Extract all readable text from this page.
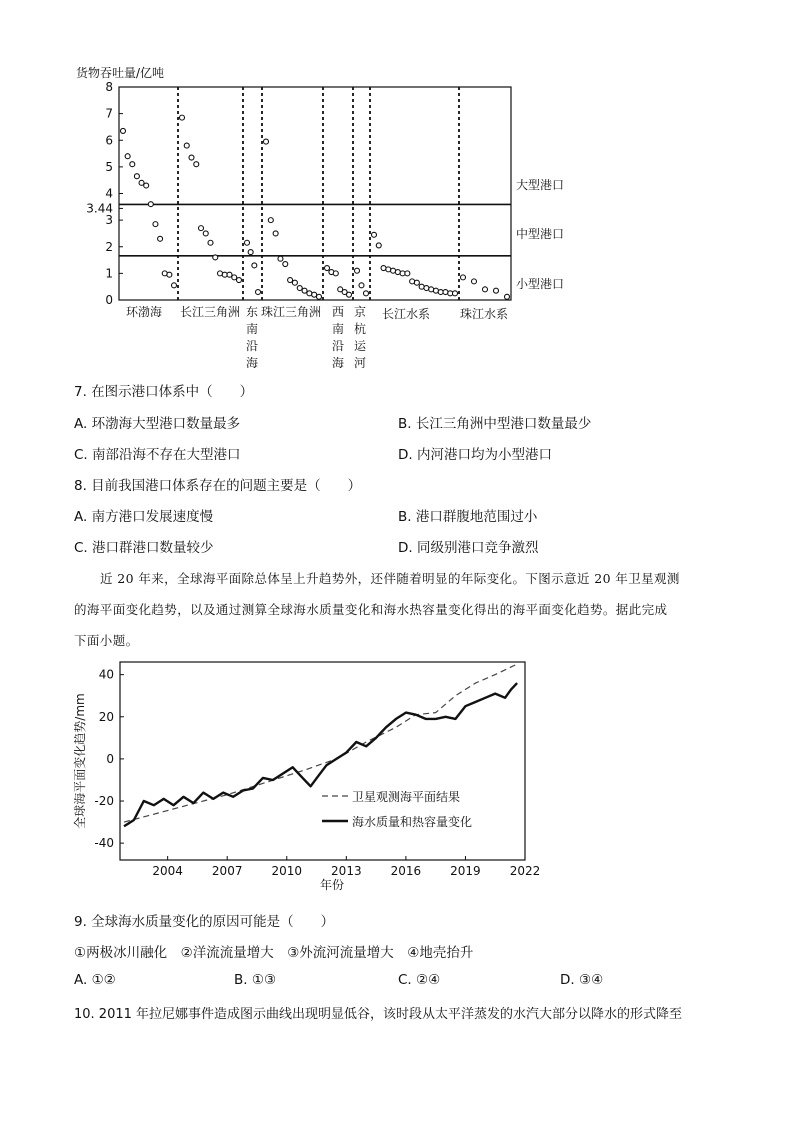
货物吞吐量/亿吨
0
1
2
3
3.44
4
5
6
7
8
大型港口
中型港口
小型港口
环渤海 长江三角洲 东南沿海
珠江三角洲 西南沿海
京杭运河
长江水系 珠江水系
7. 在图示港口体系中（　　）
A. 环渤海大型港口数量最多	B. 长江三角洲中型港口数量最少
C. 南部沿海不存在大型港口	D. 内河港口均为小型港口
8. 目前我国港口体系存在的问题主要是（　　）
A. 南方港口发展速度慢	B. 港口群腹地范围过小
C. 港口群港口数量较少	D. 同级别港口竞争激烈
近 20 年来，全球海平面除总体呈上升趋势外，还伴随着明显的年际变化。下图示意近 20 年卫星观测
的海平面变化趋势，以及通过测算全球海水质量变化和海水热容量变化得出的海平面变化趋势。据此完成
下面小题。
2004 2007 2010 2013 2016 2019 2022
40
20
0
-20
-40
全球海平面变化趋势/mm
年份
卫星观测海平面结果
海水质量和热容量变化
9. 全球海水质量变化的原因可能是（　　）
①两极冰川融化　②洋流流量增大　③外流河流量增大　④地壳抬升
A. ①②	B. ①③	C. ②④	D. ③④
10. 2011 年拉尼娜事件造成图示曲线出现明显低谷，该时段从太平洋蒸发的水汽大部分以降水的形式降至
